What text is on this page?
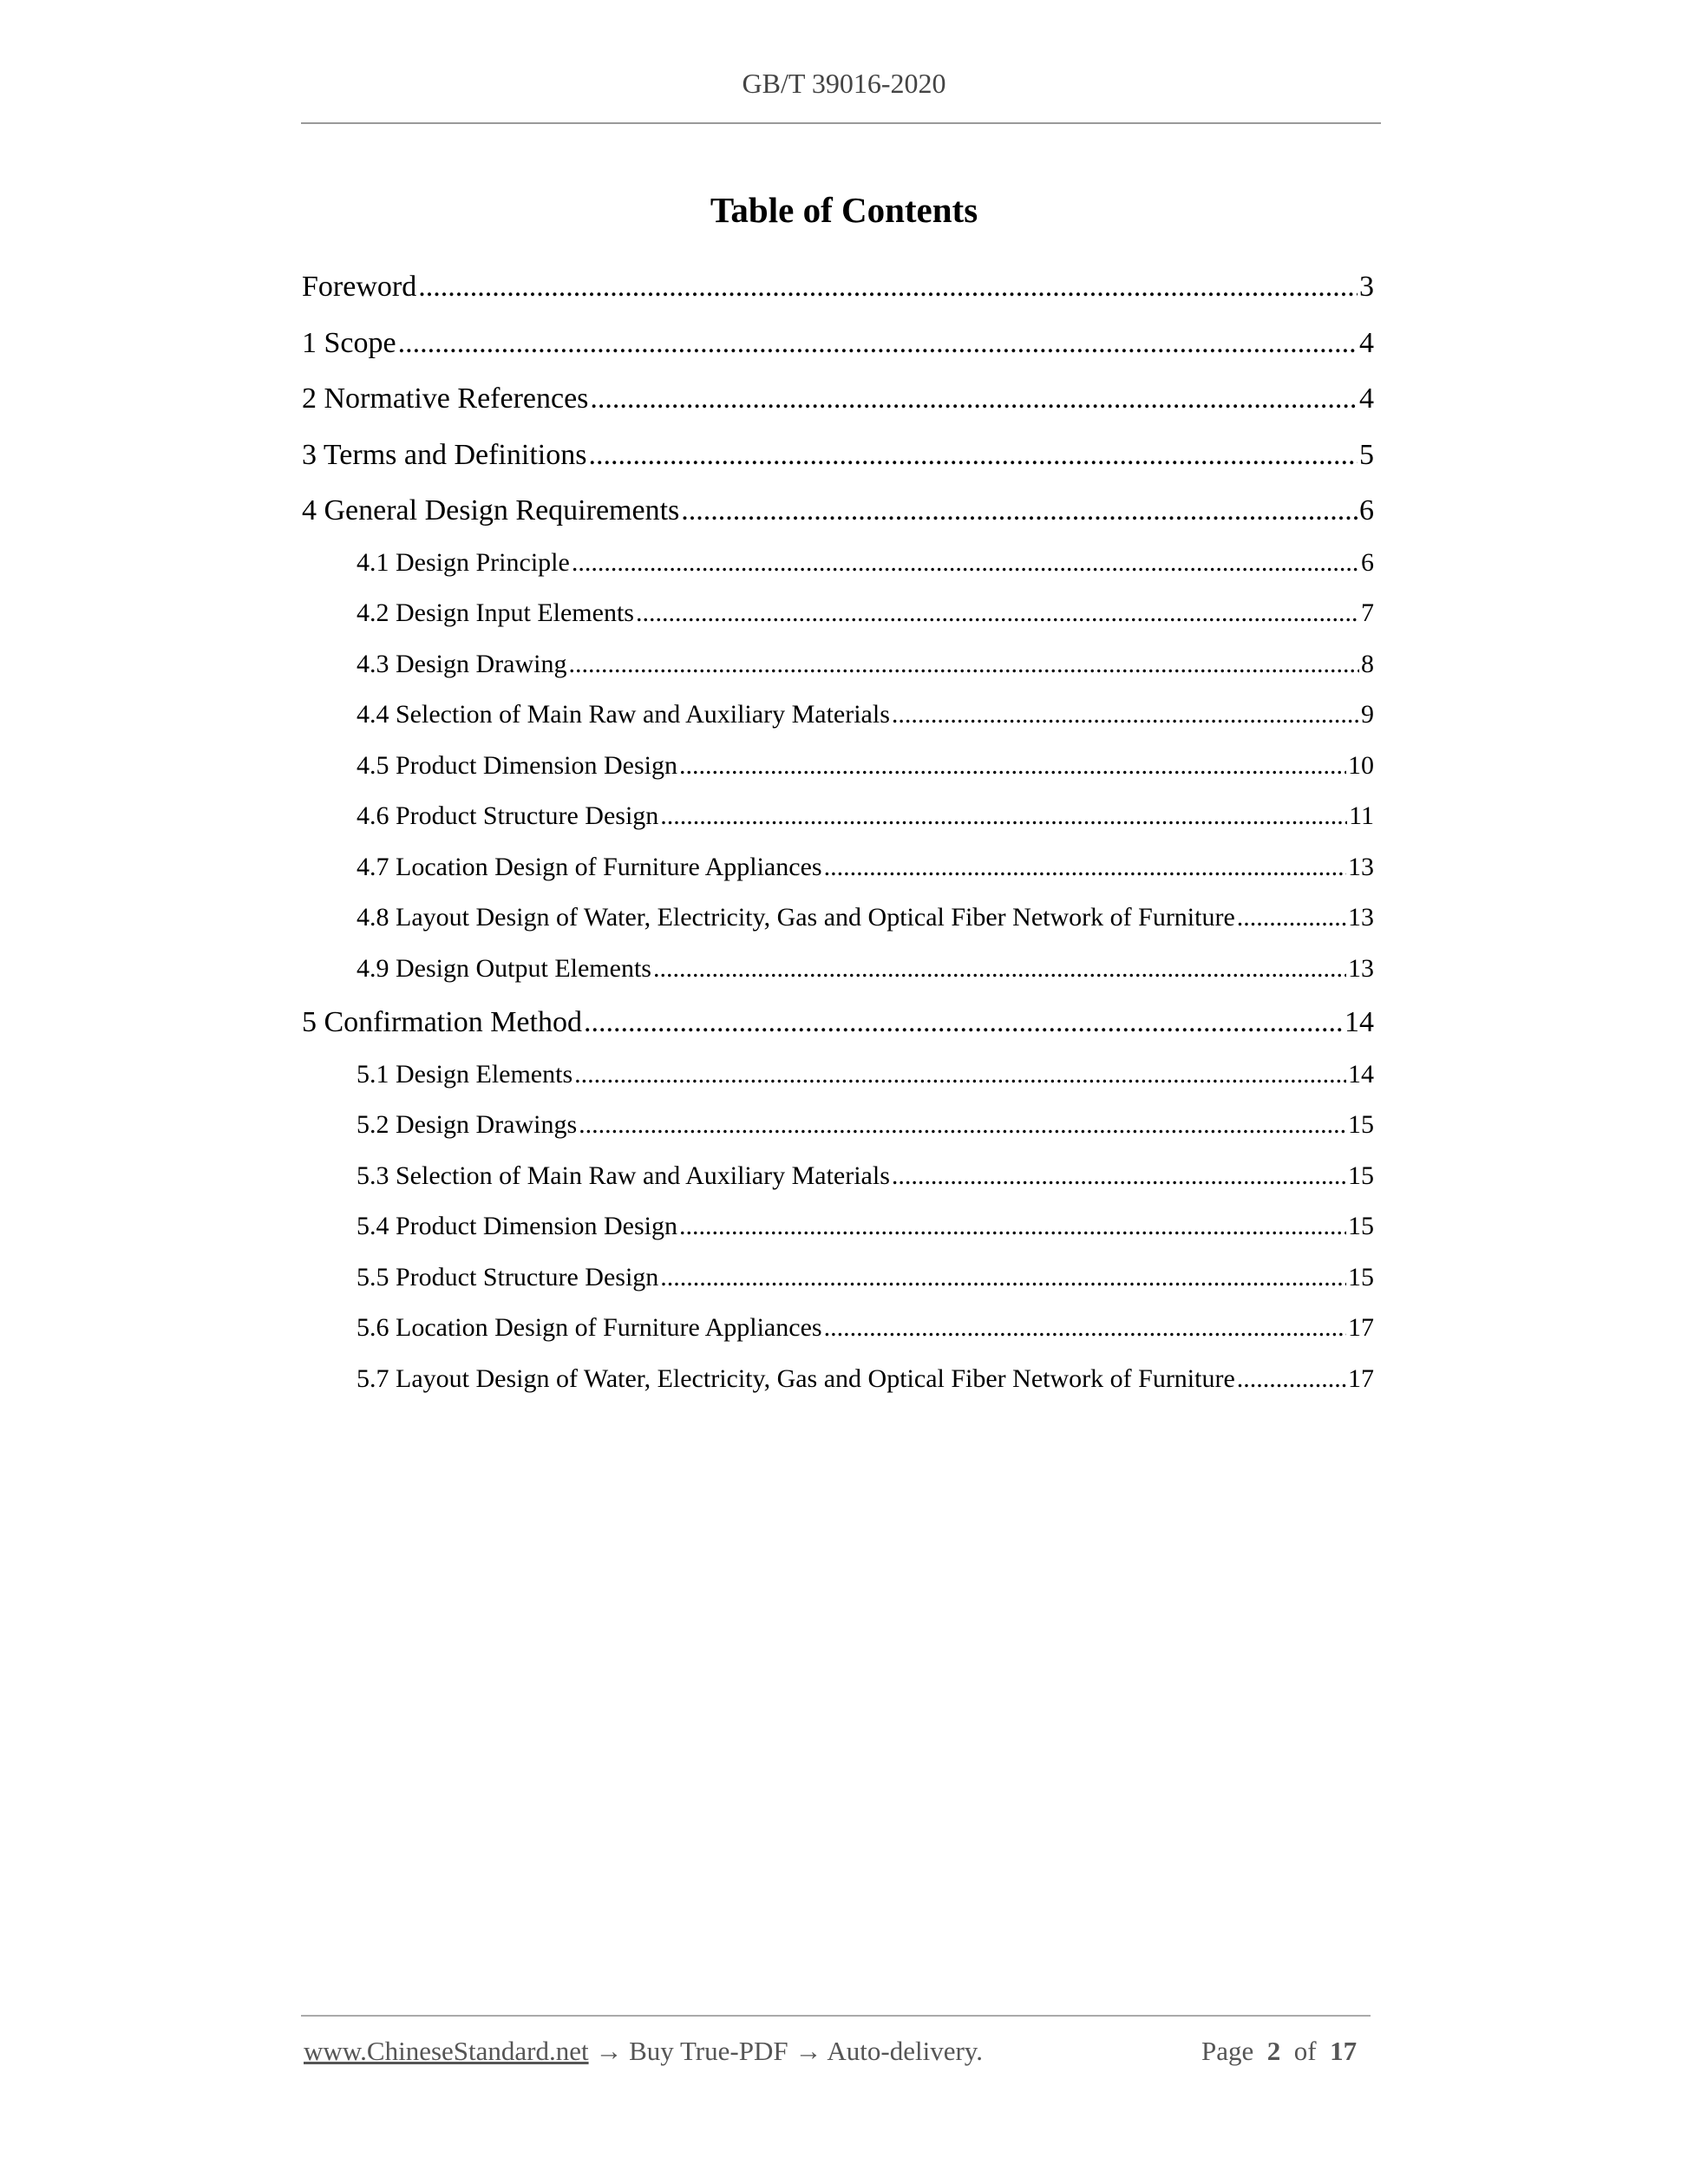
GB/T 39016-2020
Table of Contents
Foreword .....	3
1 Scope .....	4
2 Normative References .....	4
3 Terms and Definitions .....	5
4 General Design Requirements .....	6
4.1 Design Principle .....	6
4.2 Design Input Elements .....	7
4.3 Design Drawing .....	8
4.4 Selection of Main Raw and Auxiliary Materials .....	9
4.5 Product Dimension Design .....	10
4.6 Product Structure Design .....	11
4.7 Location Design of Furniture Appliances .....	13
4.8 Layout Design of Water, Electricity, Gas and Optical Fiber Network of Furniture .....	13
4.9 Design Output Elements .....	13
5 Confirmation Method .....	14
5.1 Design Elements .....	14
5.2 Design Drawings .....	15
5.3 Selection of Main Raw and Auxiliary Materials .....	15
5.4 Product Dimension Design .....	15
5.5 Product Structure Design .....	15
5.6 Location Design of Furniture Appliances .....	17
5.7 Layout Design of Water, Electricity, Gas and Optical Fiber Network of Furniture .....	17
www.ChineseStandard.net → Buy True-PDF → Auto-delivery.	Page 2 of 17
